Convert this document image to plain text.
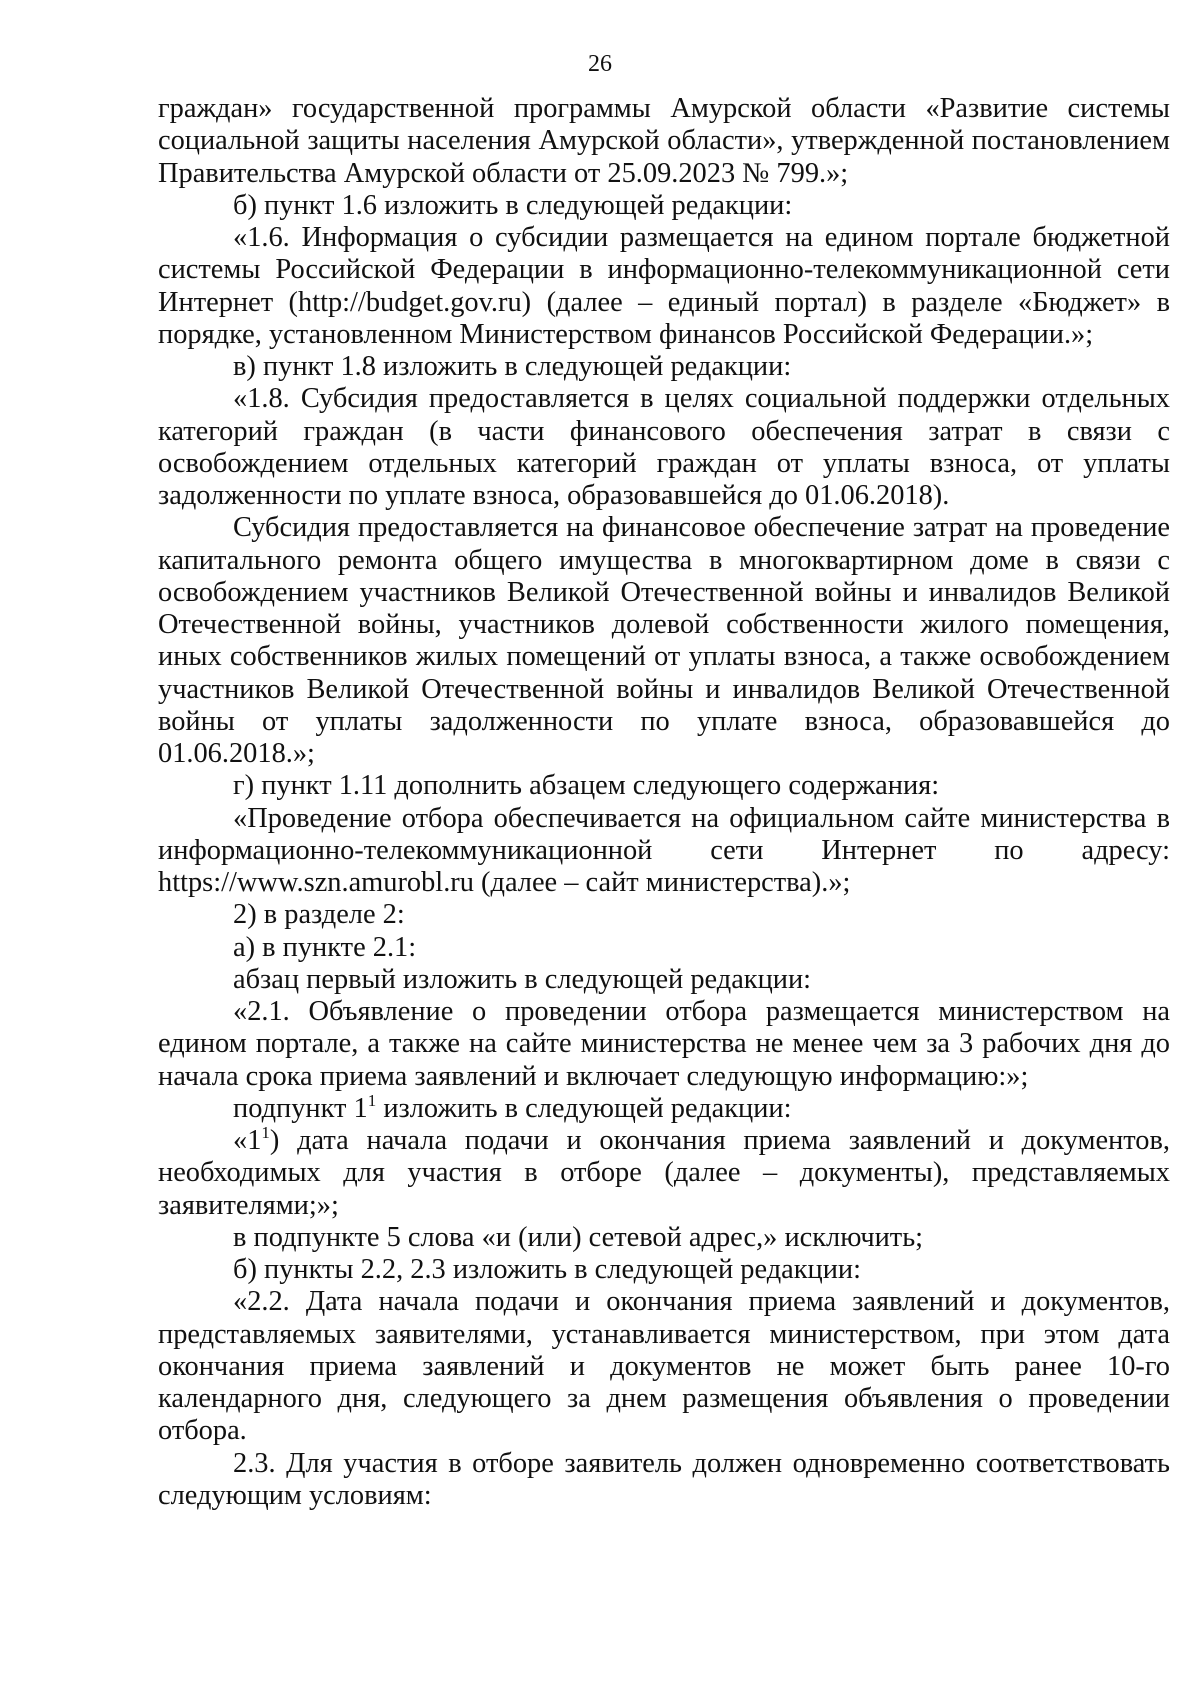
26

граждан» государственной программы Амурской области «Развитие системы социальной защиты населения Амурской области», утвержденной постановлением Правительства Амурской области от 25.09.2023 № 799.»;

б) пункт 1.6 изложить в следующей редакции:

«1.6. Информация о субсидии размещается на едином портале бюджетной системы Российской Федерации в информационно-телекоммуникационной сети Интернет (http://budget.gov.ru) (далее – единый портал) в разделе «Бюджет» в порядке, установленном Министерством финансов Российской Федерации.»;

в) пункт 1.8 изложить в следующей редакции:

«1.8. Субсидия предоставляется в целях социальной поддержки отдельных категорий граждан (в части финансового обеспечения затрат в связи с освобождением отдельных категорий граждан от уплаты взноса, от уплаты задолженности по уплате взноса, образовавшейся до 01.06.2018).

Субсидия предоставляется на финансовое обеспечение затрат на проведение капитального ремонта общего имущества в многоквартирном доме в связи с освобождением участников Великой Отечественной войны и инвалидов Великой Отечественной войны, участников долевой собственности жилого помещения, иных собственников жилых помещений от уплаты взноса, а также освобождением участников Великой Отечественной войны и инвалидов Великой Отечественной войны от уплаты задолженности по уплате взноса, образовавшейся до 01.06.2018.»;

г) пункт 1.11 дополнить абзацем следующего содержания:

«Проведение отбора обеспечивается на официальном сайте министерства в информационно-телекоммуникационной сети Интернет по адресу: https://www.szn.amurobl.ru (далее – сайт министерства).»;

2) в разделе 2:

а) в пункте 2.1:

абзац первый изложить в следующей редакции:

«2.1. Объявление о проведении отбора размещается министерством на едином портале, а также на сайте министерства не менее чем за 3 рабочих дня до начала срока приема заявлений и включает следующую информацию:»;

подпункт $1^1$ изложить в следующей редакции:

«$1^1$) дата начала подачи и окончания приема заявлений и документов, необходимых для участия в отборе (далее – документы), представляемых заявителями;»;

в подпункте 5 слова «и (или) сетевой адрес,» исключить;

б) пункты 2.2, 2.3 изложить в следующей редакции:

«2.2. Дата начала подачи и окончания приема заявлений и документов, представляемых заявителями, устанавливается министерством, при этом дата окончания приема заявлений и документов не может быть ранее 10-го календарного дня, следующего за днем размещения объявления о проведении отбора.

2.3. Для участия в отборе заявитель должен одновременно соответствовать следующим условиям:
